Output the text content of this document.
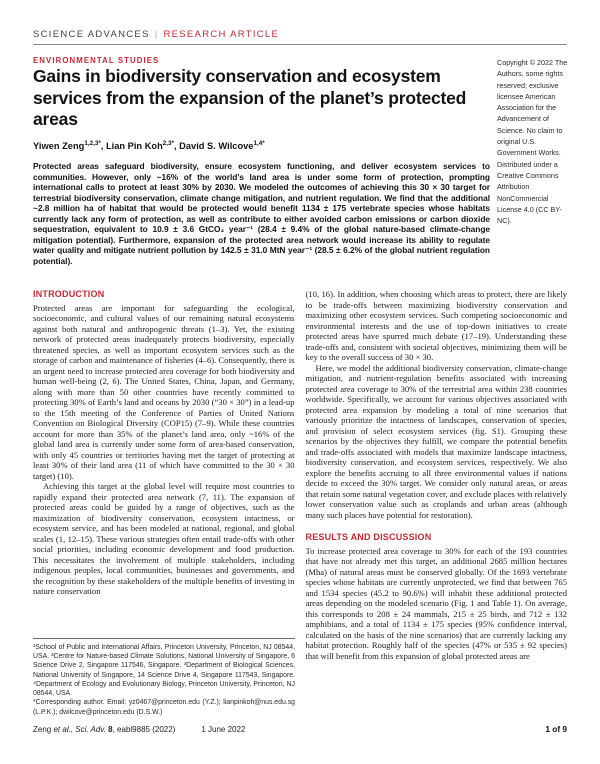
SCIENCE ADVANCES | RESEARCH ARTICLE
ENVIRONMENTAL STUDIES
Gains in biodiversity conservation and ecosystem services from the expansion of the planet’s protected areas
Yiwen Zeng$^{1,2,3*}$, Lian Pin Koh$^{2,3*}$, David S. Wilcove$^{1,4*}$
Protected areas safeguard biodiversity, ensure ecosystem functioning, and deliver ecosystem services to communities. However, only ~16% of the world’s land area is under some form of protection, prompting international calls to protect at least 30% by 2030. We modeled the outcomes of achieving this 30 × 30 target for terrestrial biodiversity conservation, climate change mitigation, and nutrient regulation. We find that the additional ~2.8 million ha of habitat that would be protected would benefit 1134 ± 175 vertebrate species whose habitats currently lack any form of protection, as well as contribute to either avoided carbon emissions or carbon dioxide sequestration, equivalent to 10.9 ± 3.6 GtCO₂ year⁻¹ (28.4 ± 9.4% of the global nature-based climate-change mitigation potential). Furthermore, expansion of the protected area network would increase its ability to regulate water quality and mitigate nutrient pollution by 142.5 ± 31.0 MtN year⁻¹ (28.5 ± 6.2% of the global nutrient regulation potential).
Copyright © 2022 The Authors, some rights reserved; exclusive licensee American Association for the Advancement of Science. No claim to original U.S. Government Works. Distributed under a Creative Commons Attribution NonCommercial License 4.0 (CC BY-NC).
INTRODUCTION

Protected areas are important for safeguarding the ecological, socioeconomic, and cultural values of our remaining natural ecosystems against both natural and anthropogenic threats (1–3). Yet, the existing network of protected areas inadequately protects biodiversity, especially threatened species, as well as important ecosystem services such as the storage of carbon and maintenance of fisheries (4–6). Consequently, there is an urgent need to increase protected area coverage for both biodiversity and human well-being (2, 6). The United States, China, Japan, and Germany, along with more than 50 other countries have recently committed to protecting 30% of Earth’s land and oceans by 2030 (“30 × 30”) in a lead-up to the 15th meeting of the Conference of Parties of United Nations Convention on Biological Diversity (COP15) (7–9). While these countries account for more than 35% of the planet’s land area, only ~16% of the global land area is currently under some form of area-based conservation, with only 45 countries or territories having met the target of protecting at least 30% of their land area (11 of which have committed to the 30 × 30 target) (10).

Achieving this target at the global level will require most countries to rapidly expand their protected area network (7, 11). The expansion of protected areas could be guided by a range of objectives, such as the maximization of biodiversity conservation, ecosystem intactness, or ecosystem service, and has been modeled at national, regional, and global scales (1, 12–15). These various strategies often entail trade-offs with other social priorities, including economic development and food production. This necessitates the involvement of multiple stakeholders, including indigenous peoples, local communities, businesses and governments, and the recognition by these stakeholders of the multiple benefits of investing in nature conservation

¹School of Public and International Affairs, Princeton University, Princeton, NJ 08544, USA. ²Centre for Nature-based Climate Solutions, National University of Singapore, 6 Science Drive 2, Singapore 117546, Singapore. ³Department of Biological Sciences, National University of Singapore, 14 Science Drive 4, Singapore 117543, Singapore. ⁴Department of Ecology and Evolutionary Biology, Princeton University, Princeton, NJ 08544, USA.

*Corresponding author. Email: yz0467@princeton.edu (Y.Z.); lianpinkoh@nus.edu.sg (L.P.K.); dwilcove@princeton.edu (D.S.W.)

(10, 16). In addition, when choosing which areas to protect, there are likely to be trade-offs between maximizing biodiversity conservation and maximizing other ecosystem services. Such competing socioeconomic and environmental interests and the use of top-down initiatives to create protected areas have spurred much debate (17–19). Understanding these trade-offs and, consistent with societal objectives, minimizing them will be key to the overall success of 30 × 30.

Here, we model the additional biodiversity conservation, climate-change mitigation, and nutrient-regulation benefits associated with increasing protected area coverage to 30% of the terrestrial area within 238 countries worldwide. Specifically, we account for various objectives associated with protected area expansion by modeling a total of nine scenarios that variously prioritize the intactness of landscapes, conservation of species, and provision of select ecosystem services (fig. S1). Grouping these scenarios by the objectives they fulfill, we compare the potential benefits and trade-offs associated with models that maximize landscape intactness, biodiversity conservation, and ecosystem services, respectively. We also explore the benefits accruing to all three environmental values if nations decide to exceed the 30% target. We consider only natural areas, or areas that retain some natural vegetation cover, and exclude places with relatively lower conservation value such as croplands and urban areas (although many such places have potential for restoration).

RESULTS AND DISCUSSION

To increase protected area coverage to 30% for each of the 193 countries that have not already met this target, an additional 2685 million hectares (Mha) of natural areas must be conserved globally. Of the 1693 vertebrate species whose habitats are currently unprotected, we find that between 765 and 1534 species (45.2 to 90.6%) will inhabit these additional protected areas depending on the modeled scenario (Fig. 1 and Table 1). On average, this corresponds to 208 ± 24 mammals, 215 ± 25 birds, and 712 ± 132 amphibians, and a total of 1134 ± 175 species (95% confidence interval, calculated on the basis of the nine scenarios) that are currently lacking any habitat protection. Roughly half of the species (47% or 535 ± 92 species) that will benefit from this expansion of global protected areas are

Zeng et al., Sci. Adv. 8, eabl9885 (2022)	1 June 2022	1 of 9
